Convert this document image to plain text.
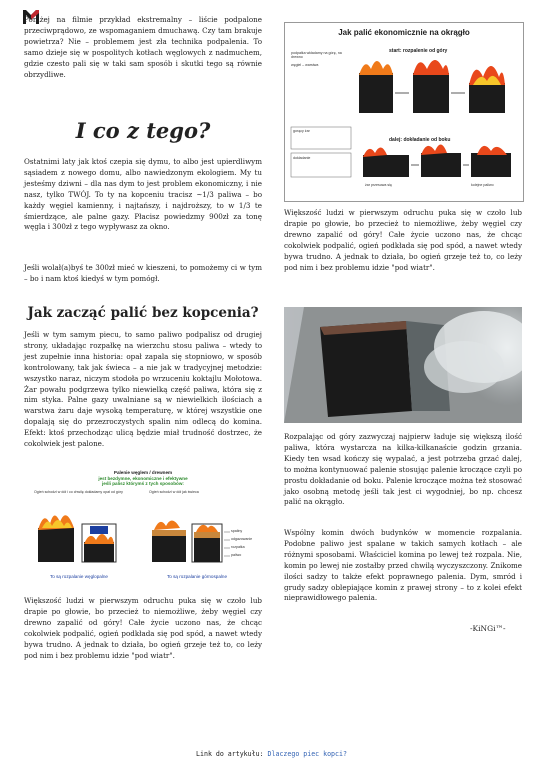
Poniżej na filmie przykład ekstremalny – liście podpalone przeciwprądowo, ze wspomaganiem dmuchawą. Czy tam brakuje powietrza? Nie – problemem jest zła technika podpalenia. To samo dzieje się w pospolitych kotłach węglowych z nadmuchem, gdzie czesto pali się w taki sam sposób i skutki tego są równie obrzydliwe.

I co z tego?

Ostatnimi laty jak ktoś czepia się dymu, to albo jest upierdliwym sąsiadem z nowego domu, albo nawiedzonym ekologiem. My tu jesteśmy dziwni – dla nas dym to jest problem ekonomiczny, i nie nasz, tylko TWÓJ. To ty na kopceniu tracisz ~1/3 paliwa – bo każdy węgiel kamienny, i najtańszy, i najdroższy, to w 1/3 te śmierdzące, ale palne gazy. Płacisz powiedzmy 900zł za tonę węgla i 300zł z tego wypływasz za okno.

Jeśli wolał(a)byś te 300zł mieć w kieszeni, to pomożemy ci w tym – bo i nam ktoś kiedyś w tym pomógł.

Jak zacząć palić bez kopcenia?

Jeśli w tym samym piecu, to samo paliwo podpalisz od drugiej strony, układając rozpałkę na wierzchu stosu paliwa – wtedy to jest zupełnie inna historia: opał zapala się stopniowo, w sposób kontrolowany, tak jak świeca – a nie jak w tradycyjnej metodzie: wszystko naraz, niczym stodoła po wrzuceniu koktajlu Mołotowa. Żar powału podgrzewa tylko niewielką część paliwa, która się z nim styka. Palne gazy uwalniane są w niewielkich ilościach a warstwa żaru daje wysoką temperaturę, w której wszystkie one dopalają się do przezroczystych spalin nim odlecą do komina. Efekt: ktoś przechodząc ulicą będzie miał trudność dostrzec, że cokolwiek jest palone.

Palenie węglem / drewnem
jest bezdymne, ekonomiczne i efektywne
jeśli palisz którymś z tych sposobów:
Ogień schodzi w dół i co chwilę dokładamy opał od góry	Ogień schodzi w dół jak świeca
spaliny
odgazowanie
rozpałka
paliwo
To są rozpalanie węglopalne	To są rozpalanie górnospalne

Większość ludzi w pierwszym odruchu puka się w czoło lub drapie po głowie, bo przecież to niemożliwe, żeby węgiel czy drewno zapalić od góry! Całe życie uczono nas, że chcąc cokolwiek podpalić, ogień podkłada się pod spód, a nawet wtedy bywa trudno. A jednak to działa, bo ogień grzeje też to, co leży pod nim i bez problemu idzie "pod wiatr".

Jak palić ekonomicznie na okrągło
start: rozpalenie od góry
podpałka wkładamy na górę, na drewno
węgiel – warstwa
dalej: dokładanie od boku
gorący żar
dokładanie
żar przesuwa się	kolejne paliwo

Większość ludzi w pierwszym odruchu puka się w czoło lub drapie po głowie, bo przecież to niemożliwe, żeby węgiel czy drewno zapalić od góry! Całe życie uczono nas, że chcąc cokolwiek podpalić, ogień podkłada się pod spód, a nawet wtedy bywa trudno. A jednak to działa, bo ogień grzeje też to, co leży pod nim i bez problemu idzie "pod wiatr".

Rozpalając od góry zazwyczaj najpierw ładuje się większą ilość paliwa, która wystarcza na kilka-kilkanaście godzin grzania. Kiedy ten wsad kończy się wypalać, a jest potrzeba grzać dalej, to można kontynuować palenie stosując palenie kroczące czyli po prostu dokładanie od boku. Palenie kroczące można też stosować jako osobną metodę jeśli tak jest ci wygodniej, bo np. chcesz palić na okrągło.

Wspólny komin dwóch budynków w momencie rozpalania. Podobne paliwo jest spalane w takich samych kotłach – ale różnymi sposobami. Właściciel komina po lewej też rozpala. Nie, komin po lewej nie zostałby przed chwilą wyczyszczony. Znikome ilości sadzy to także efekt poprawnego palenia. Dym, smród i grudy sadzy oblepiające komin z prawej strony – to z kolei efekt nieprawidłowego palenia.

-KiNGi™-
Link do artykułu: Dlaczego piec kopci?
